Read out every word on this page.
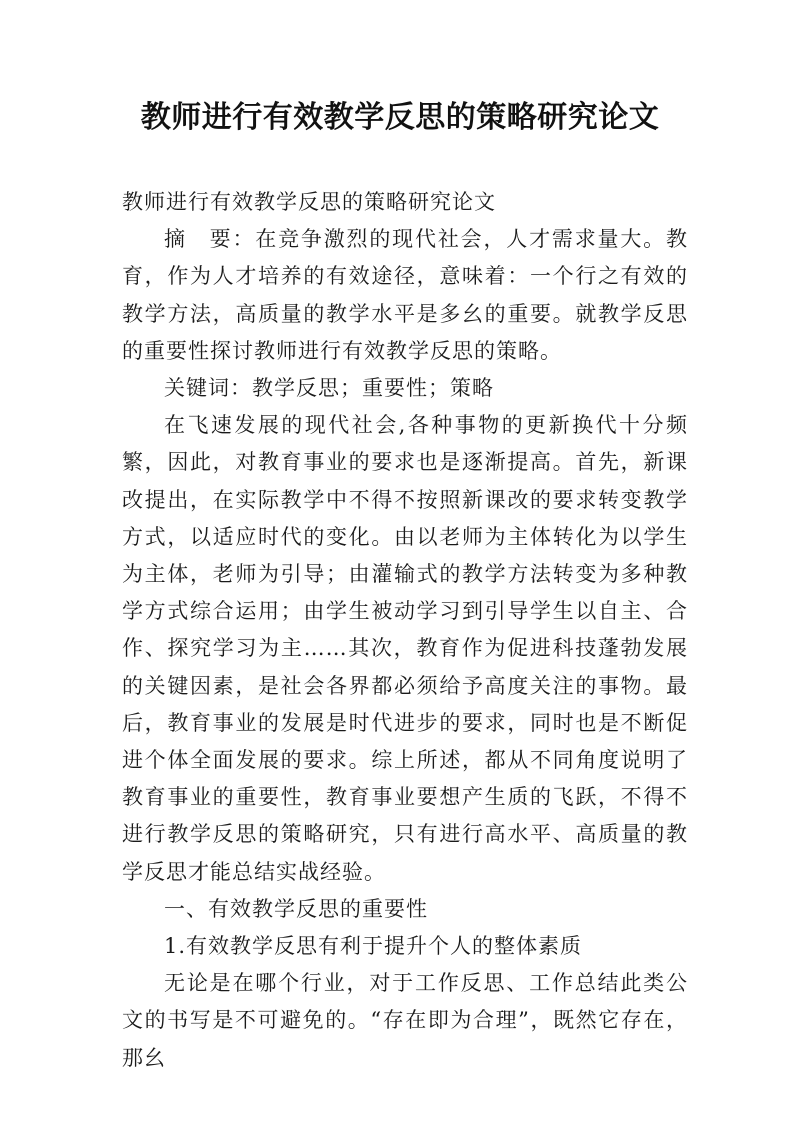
教师进行有效教学反思的策略研究论文

教师进行有效教学反思的策略研究论文

摘　要：在竞争激烈的现代社会，人才需求量大。教育，作为人才培养的有效途径，意味着：一个行之有效的教学方法，高质量的教学水平是多幺的重要。就教学反思的重要性探讨教师进行有效教学反思的策略。

关键词：教学反思；重要性；策略

在飞速发展的现代社会,各种事物的更新换代十分频繁，因此，对教育事业的要求也是逐渐提高。首先，新课改提出，在实际教学中不得不按照新课改的要求转变教学方式，以适应时代的变化。由以老师为主体转化为以学生为主体，老师为引导；由灌输式的教学方法转变为多种教学方式综合运用；由学生被动学习到引导学生以自主、合作、探究学习为主……其次，教育作为促进科技蓬勃发展的关键因素，是社会各界都必须给予高度关注的事物。最后，教育事业的发展是时代进步的要求，同时也是不断促进个体全面发展的要求。综上所述，都从不同角度说明了教育事业的重要性，教育事业要想产生质的飞跃，不得不进行教学反思的策略研究，只有进行高水平、高质量的教学反思才能总结实战经验。

一、有效教学反思的重要性

1.有效教学反思有利于提升个人的整体素质

无论是在哪个行业，对于工作反思、工作总结此类公文的书写是不可避免的。“存在即为合理”，既然它存在，那幺
